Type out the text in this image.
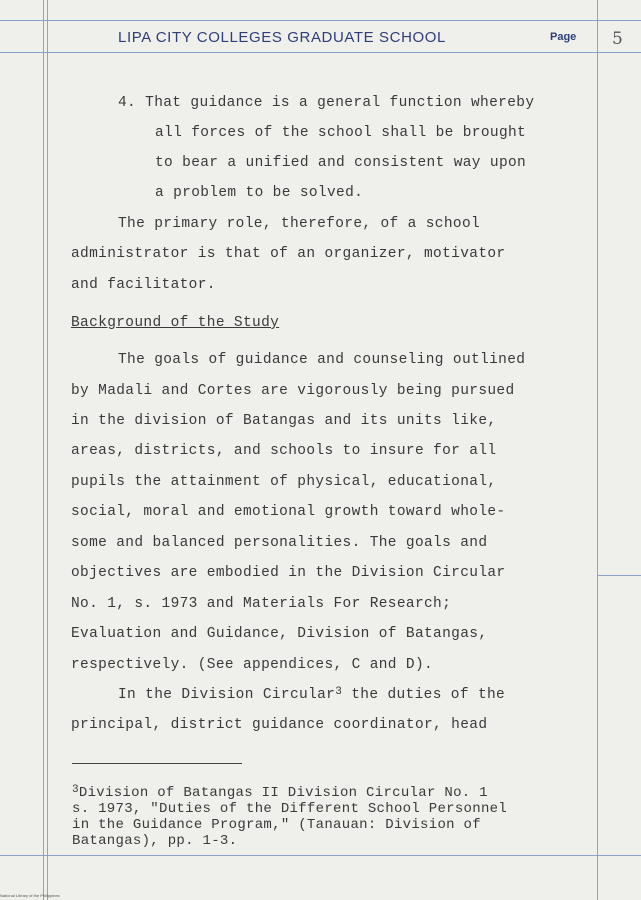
LIPA CITY COLLEGES GRADUATE SCHOOL	Page 5
4. That guidance is a general function whereby
all forces of the school shall be brought
to bear a unified and consistent way upon
a problem to be solved.
The primary role, therefore, of a school
administrator is that of an organizer, motivator
and facilitator.
Background of the Study
The goals of guidance and counseling outlined
by Madali and Cortes are vigorously being pursued
in the division of Batangas and its units like,
areas, districts, and schools to insure for all
pupils the attainment of physical, educational,
social, moral and emotional growth toward whole-
some and balanced personalities. The goals and
objectives are embodied in the Division Circular
No. 1, s. 1973 and Materials For Research;
Evaluation and Guidance, Division of Batangas,
respectively. (See appendices, C and D).
In the Division Circular$^3$ the duties of the
principal, district guidance coordinator, head
$^3$Division of Batangas II Division Circular No. 1
s. 1973, "Duties of the Different School Personnel
in the Guidance Program," (Tanauan: Division of
Batangas), pp. 1-3.
National Library of the Philippines
